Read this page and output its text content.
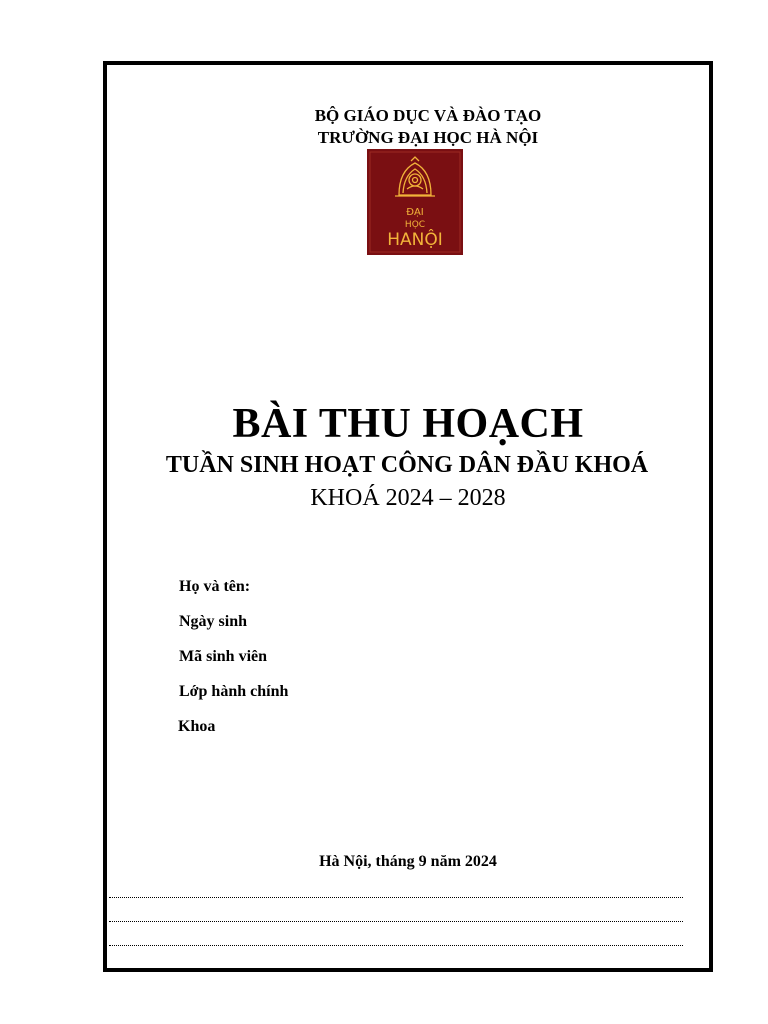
BỘ GIÁO DỤC VÀ ĐÀO TẠO
TRƯỜNG ĐẠI HỌC HÀ NỘI
ĐẠI
HỌC
HANỘI
BÀI THU HOẠCH
TUẦN SINH HOẠT CÔNG DÂN ĐẦU KHOÁ
KHOÁ 2024 – 2028
Họ và tên:
Ngày sinh
Mã sinh viên
Lớp hành chính
Khoa
Hà Nội, tháng 9 năm 2024
